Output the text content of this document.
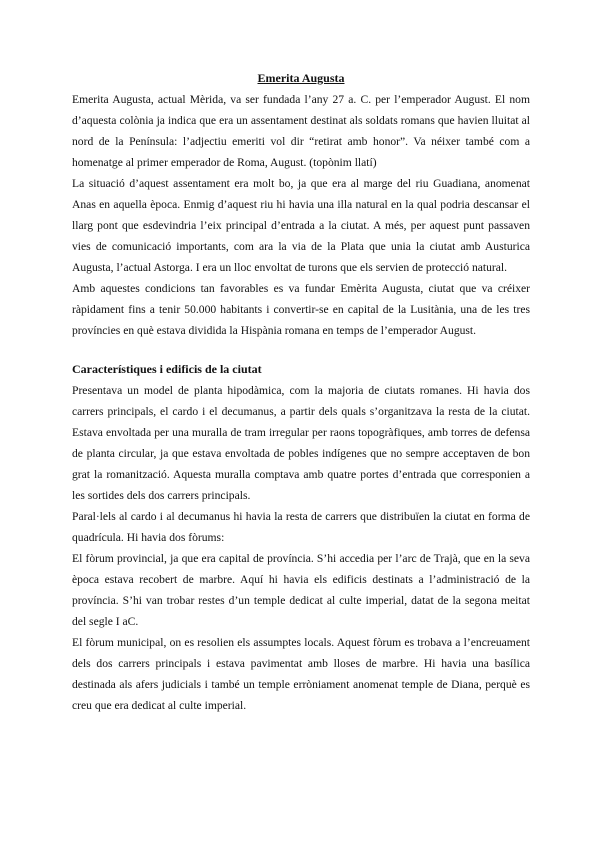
Emerita Augusta

Emerita Augusta, actual Mèrida, va ser fundada l’any 27 a. C. per l’emperador August. El nom d’aquesta colònia ja indica que era un assentament destinat als soldats romans que havien lluitat al nord de la Península: l’adjectiu emeriti vol dir “retirat amb honor”. Va néixer també com a homenatge al primer emperador de Roma, August. (topònim llatí)

La situació d’aquest assentament era molt bo, ja que era al marge del riu Guadiana, anomenat Anas en aquella època. Enmig d’aquest riu hi havia una illa natural en la qual podria descansar el llarg pont que esdevindria l’eix principal d’entrada a la ciutat. A més, per aquest punt passaven vies de comunicació importants, com ara la via de la Plata que unia la ciutat amb Austurica Augusta, l’actual Astorga. I era un lloc envoltat de turons que els servien de protecció natural.

Amb aquestes condicions tan favorables es va fundar Emèrita Augusta, ciutat que va créixer ràpidament fins a tenir 50.000 habitants i convertir-se en capital de la Lusitània, una de les tres províncies en què estava dividida la Hispània romana en temps de l’emperador August.

Característiques i edificis de la ciutat

Presentava un model de planta hipodàmica, com la majoria de ciutats romanes. Hi havia dos carrers principals, el cardo i el decumanus, a partir dels quals s’organitzava la resta de la ciutat. Estava envoltada per una muralla de tram irregular per raons topogràfiques, amb torres de defensa de planta circular, ja que estava envoltada de pobles indígenes que no sempre acceptaven de bon grat la romanització. Aquesta muralla comptava amb quatre portes d’entrada que corresponien a les sortides dels dos carrers principals.

Paral·lels al cardo i al decumanus hi havia la resta de carrers que distribuïen la ciutat en forma de quadrícula. Hi havia dos fòrums:

El fòrum provincial, ja que era capital de província. S’hi accedia per l’arc de Trajà, que en la seva època estava recobert de marbre. Aquí hi havia els edificis destinats a l’administració de la província. S’hi van trobar restes d’un temple dedicat al culte imperial, datat de la segona meitat del segle I aC.

El fòrum municipal, on es resolien els assumptes locals. Aquest fòrum es trobava a l’encreuament dels dos carrers principals i estava pavimentat amb lloses de marbre. Hi havia una basílica destinada als afers judicials i també un temple erròniament anomenat temple de Diana, perquè es creu que era dedicat al culte imperial.
